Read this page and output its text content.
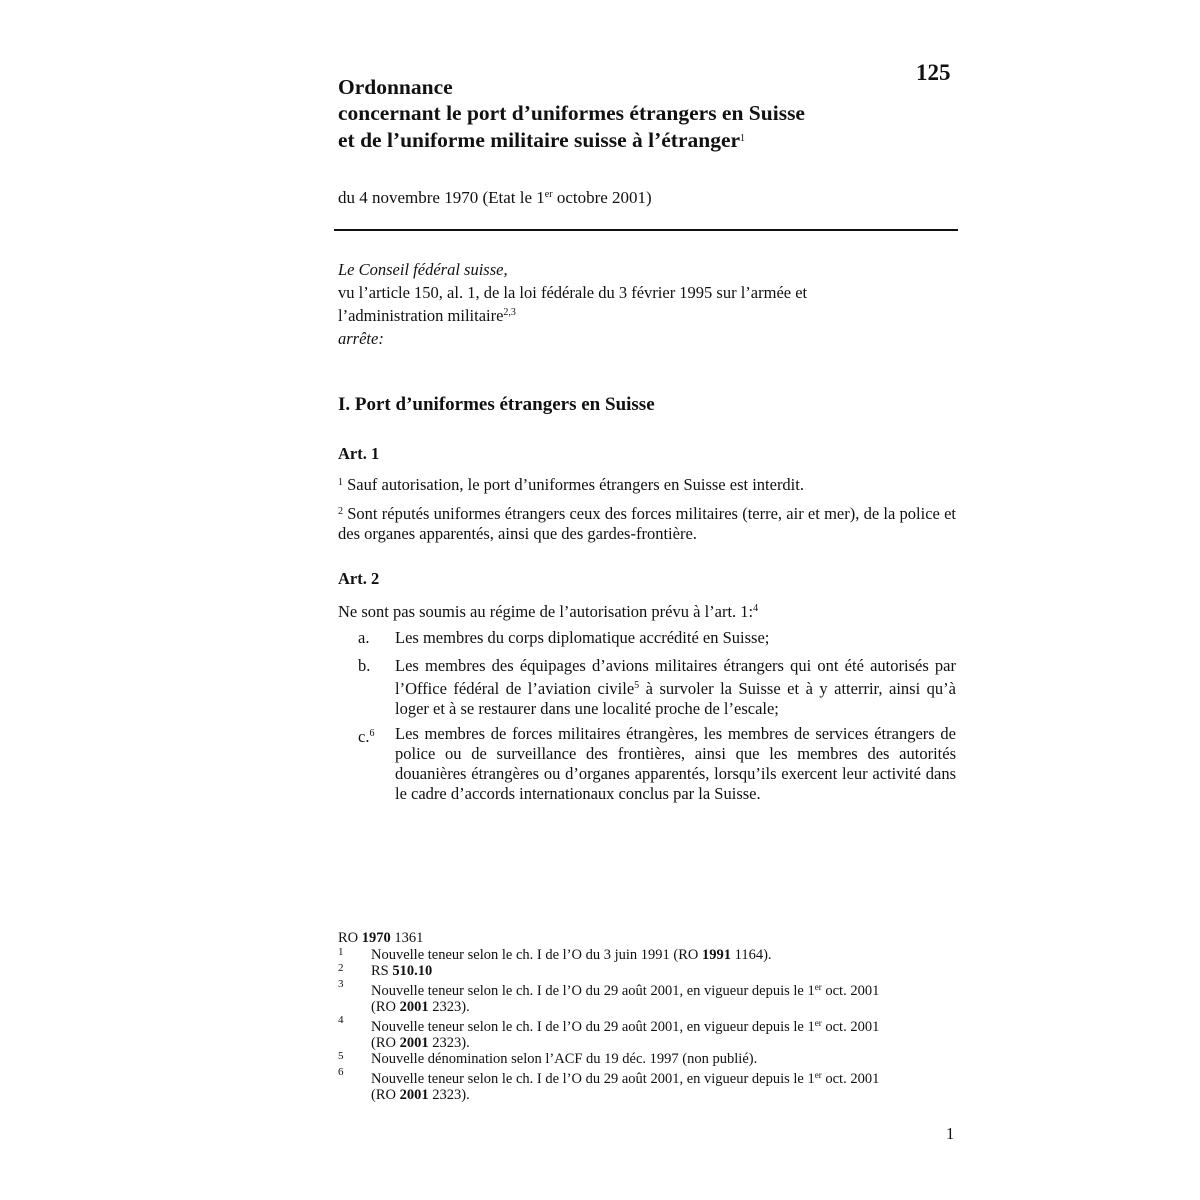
125
Ordonnance
concernant le port d’uniformes étrangers en Suisse
et de l’uniforme militaire suisse à l’étranger$^1$
du 4 novembre 1970 (Etat le 1er octobre 2001)
Le Conseil fédéral suisse,
vu l’article 150, al. 1, de la loi fédérale du 3 février 1995 sur l’armée et
l’administration militaire$^{2,3}$
arrête:
I. Port d’uniformes étrangers en Suisse
Art. 1
$^1$ Sauf autorisation, le port d’uniformes étrangers en Suisse est interdit.
$^2$ Sont réputés uniformes étrangers ceux des forces militaires (terre, air et mer), de la police et des organes apparentés, ainsi que des gardes-frontière.
Art. 2
Ne sont pas soumis au régime de l’autorisation prévu à l’art. 1:$^4$
a. Les membres du corps diplomatique accrédité en Suisse;
b. Les membres des équipages d’avions militaires étrangers qui ont été autorisés par l’Office fédéral de l’aviation civile$^5$ à survoler la Suisse et à y atterrir, ainsi qu’à loger et à se restaurer dans une localité proche de l’escale;
c.$^6$ Les membres de forces militaires étrangères, les membres de services étrangers de police ou de surveillance des frontières, ainsi que les membres des autorités douanières étrangères ou d’organes apparentés, lorsqu’ils exercent leur activité dans le cadre d’accords internationaux conclus par la Suisse.
RO 1970 1361
1 Nouvelle teneur selon le ch. I de l’O du 3 juin 1991 (RO 1991 1164).
2 RS 510.10
3 Nouvelle teneur selon le ch. I de l’O du 29 août 2001, en vigueur depuis le 1er oct. 2001
(RO 2001 2323).
4 Nouvelle teneur selon le ch. I de l’O du 29 août 2001, en vigueur depuis le 1er oct. 2001
(RO 2001 2323).
5 Nouvelle dénomination selon l’ACF du 19 déc. 1997 (non publié).
6 Nouvelle teneur selon le ch. I de l’O du 29 août 2001, en vigueur depuis le 1er oct. 2001
(RO 2001 2323).
1
